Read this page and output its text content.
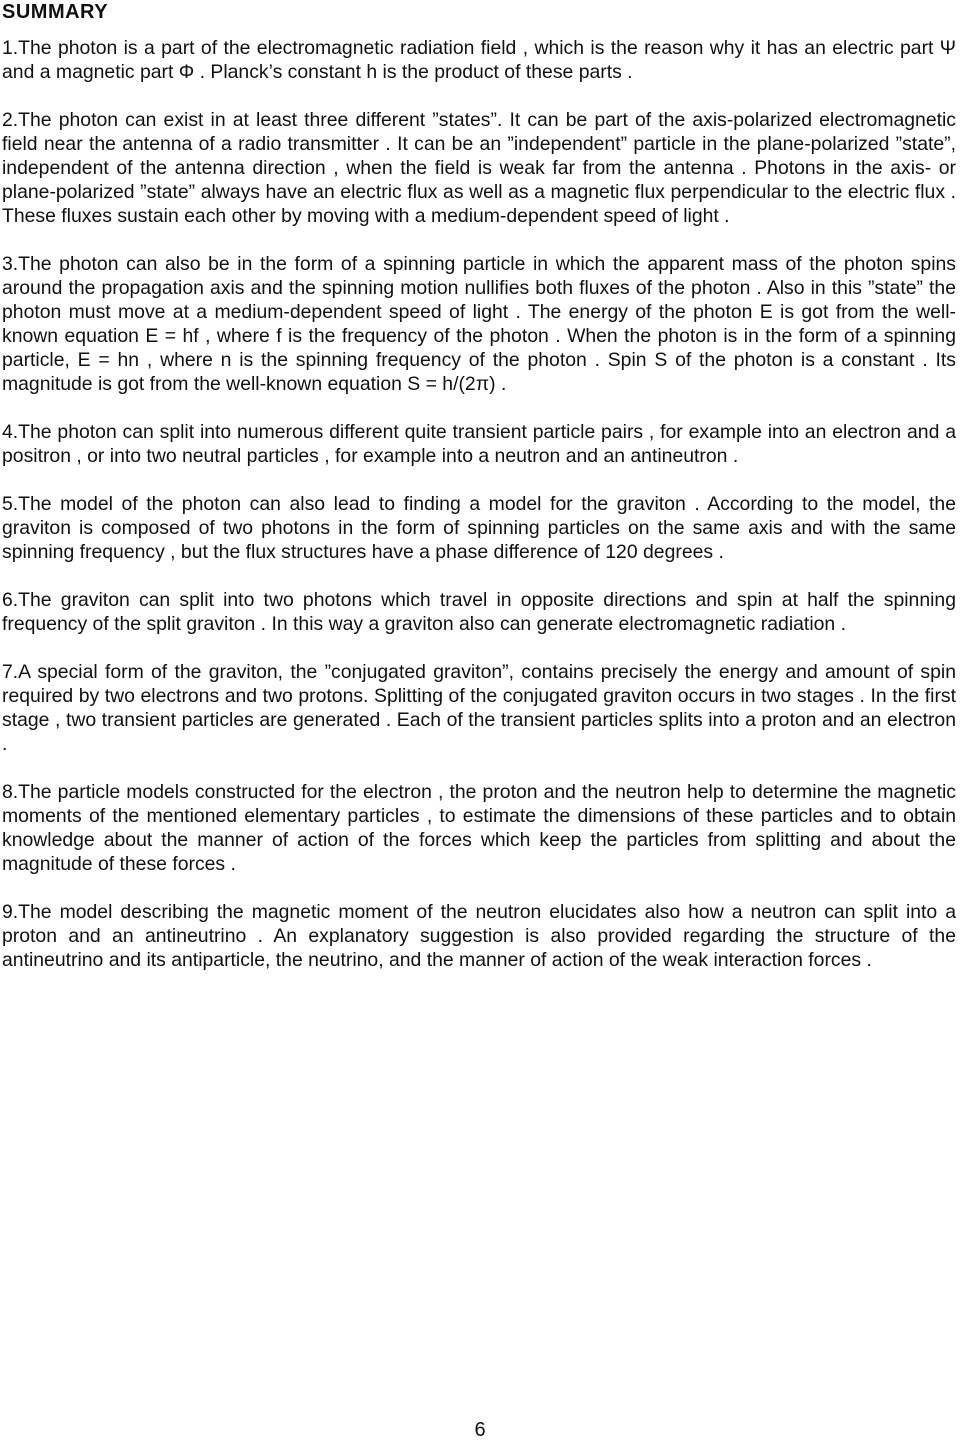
SUMMARY

1.The photon is a part of the electromagnetic radiation field , which is the reason why it has an electric part Ψ and a magnetic part Φ . Planck’s constant h is the product of these parts .

2.The photon can exist in at least three different ”states”. It can be part of the axis-polarized electromagnetic field near the antenna of a radio transmitter . It can be an ”independent” particle in the plane-polarized ”state”, independent of the antenna direction , when the field is weak far from the antenna . Photons in the axis- or plane-polarized ”state” always have an electric flux as well as a magnetic flux perpendicular to the electric flux . These fluxes sustain each other by moving with a medium-dependent speed of light .

3.The photon can also be in the form of a spinning particle in which the apparent mass of the photon spins around the propagation axis and the spinning motion nullifies both fluxes of the photon . Also in this ”state” the photon must move at a medium-dependent speed of light . The energy of the photon E is got from the well-known equation E = hf , where f is the frequency of the photon . When the photon is in the form of a spinning particle, E = hn , where n is the spinning frequency of the photon . Spin S of the photon is a constant . Its magnitude is got from the well-known equation S = h/(2π) .

4.The photon can split into numerous different quite transient particle pairs , for example into an electron and a positron , or into two neutral particles , for example into a neutron and an antineutron .

5.The model of the photon can also lead to finding a model for the graviton . According to the model, the graviton is composed of two photons in the form of spinning particles on the same axis and with the same spinning frequency , but the flux structures have a phase difference of 120 degrees .

6.The graviton can split into two photons which travel in opposite directions and spin at half the spinning frequency of the split graviton . In this way a graviton also can generate electromagnetic radiation .

7.A special form of the graviton, the ”conjugated graviton”, contains precisely the energy and amount of spin required by two electrons and two protons. Splitting of the conjugated graviton occurs in two stages . In the first stage , two transient particles are generated . Each of the transient particles splits into a proton and an electron .

8.The particle models constructed for the electron , the proton and the neutron help to determine the magnetic moments of the mentioned elementary particles , to estimate the dimensions of these particles and to obtain knowledge about the manner of action of the forces which keep the particles from splitting and about the magnitude of these forces .

9.The model describing the magnetic moment of the neutron elucidates also how a neutron can split into a proton and an antineutrino . An explanatory suggestion is also provided regarding the structure of the antineutrino and its antiparticle, the neutrino, and the manner of action of the weak interaction forces .

6
